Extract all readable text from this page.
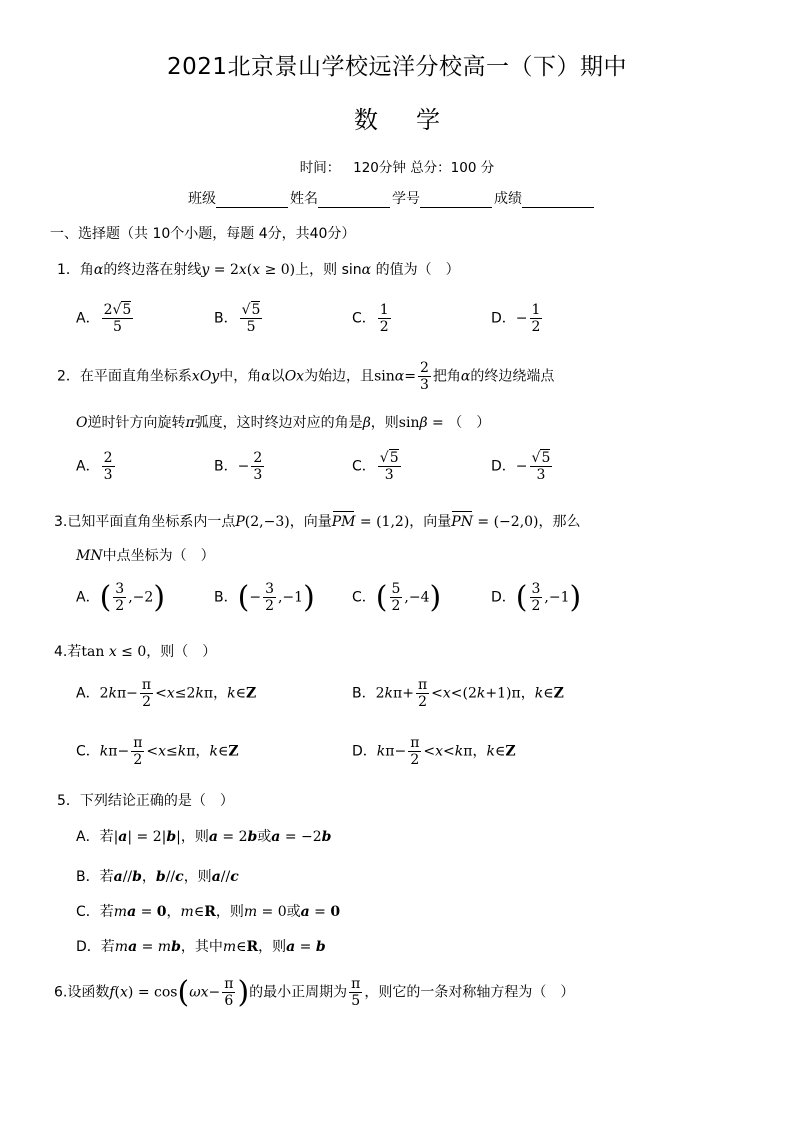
2021北京景山学校远洋分校高一（下）期中
数学
时间： 120分钟 总分：100 分
班级	姓名	学号	成绩
一、选择题（共 10个小题，每题 4分，共40分）
1．角α的终边落在射线y = 2x(x ≥ 0)上，则 sinα 的值为（　）
A． $\frac{2√5}{5}$	B． $\frac{√5}{5}$	C． $\frac{1}{2}$	D．− $\frac{1}{2}$
2．在平面直角坐标系xOy中，角α以Ox为始边，且$\sin\alpha= \frac{2}{3}$ 把角α的终边绕端点
O逆时针方向旋转π弧度，这时终边对应的角是β，则sinβ = （　）
A． $\frac{2}{3}$	B．− $\frac{2}{3}$	C． $\frac{√5}{3}$	D．− $\frac{√5}{3}$
3.已知平面直角坐标系内一点P(2,−3)，向量PM = (1,2)，向量PN = (−2,0)，那么
MN中点坐标为（　）
A．( $\frac{3}{2} ,-2$)	B．(− $\frac{3}{2} ,-1$)	C．( $\frac{5}{2} ,-4$)	D．( $\frac{3}{2} ,-1$)
4.若tan x ≤ 0，则（　）
A．$2k\pi- \frac{\pi}{2} <x\le 2k\pi$，k∈Z	B．$2k\pi+ \frac{\pi}{2} <x<(2k+1)\pi$，k∈Z
C．$k\pi- \frac{\pi}{2} <x\le k\pi$，k∈Z	D．$k\pi- \frac{\pi}{2} <x<k\pi$，k∈Z
5．下列结论正确的是（　）
A．若|a| = 2|b|，则a = 2b或a = −2b
B．若a//b，b//c，则a//c
C．若ma = 0，m∈R，则m = 0或a = 0
D．若ma = mb，其中m∈R，则a = b
6.设函数$f(x) = \cos(\omega x- \frac{\pi}{6}$ )的最小正周期为 $\frac{\pi}{5}$ ，则它的一条对称轴方程为（　）
